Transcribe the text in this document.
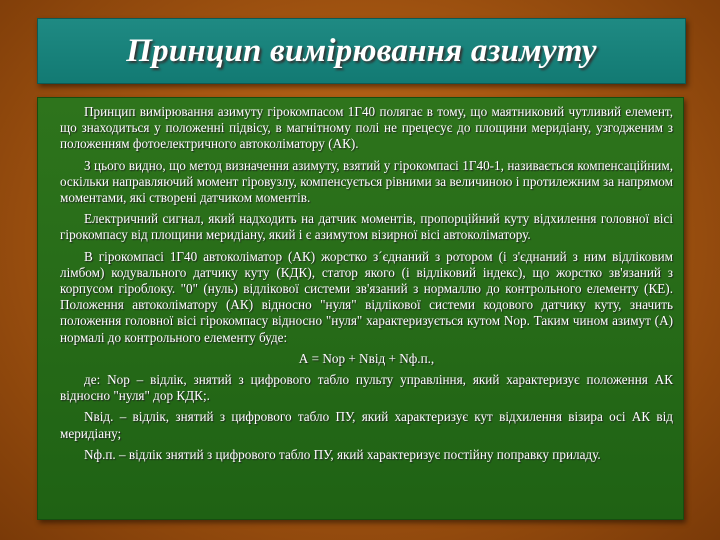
Принцип вимірювання азимуту

Принцип вимірювання азимуту гірокомпасом 1Г40 полягає в тому, що маятниковий чутливий елемент, що знаходиться у положенні підвісу, в магнітному полі не прецесує до площини меридіану, узгодженим з положенням фотоелектричного автоколіматору (АК).

З цього видно, що метод визначення азимуту, взятий у гірокомпасі 1Г40-1, називається компенсаційним, оскільки направляючий момент гіровузлу, компенсується рівними за величиною і протилежним за напрямом моментами, які створені датчиком моментів.

Електричний сигнал, який надходить на датчик моментів, пропорційний куту відхилення головної вісі гірокомпасу від площини меридіану, який і є азимутом візирної вісі автоколіматору.

В гірокомпасі 1Г40 автоколіматор (АК) жорстко з´єднаний з ротором (і з'єднаний з ним відліковим лімбом) кодувального датчику куту (КДК), статор якого (і відліковий індекс), що жорстко зв'язаний з корпусом гіроблоку. "0" (нуль) відлікової системи зв'язаний з нормаллю до контрольного елементу (КЕ). Положення автоколіматору (АК) відносно "нуля" відлікової системи кодового датчику куту, значить положення головної вісі гірокомпасу відносно "нуля" характеризується кутом Nор. Таким чином азимут (А) нормалі до контрольного елементу буде:

А = Nор + Nвід + Nф.п.,

де: Nор – відлік, знятий з цифрового табло пульту управління, який характеризує положення АК відносно "нуля" дор КДК;.

Nвід. – відлік, знятий з цифрового табло ПУ, який характеризує кут відхилення візира осі АК від меридіану;

Nф.п. – відлік знятий з цифрового табло ПУ, який характеризує постійну поправку приладу.
